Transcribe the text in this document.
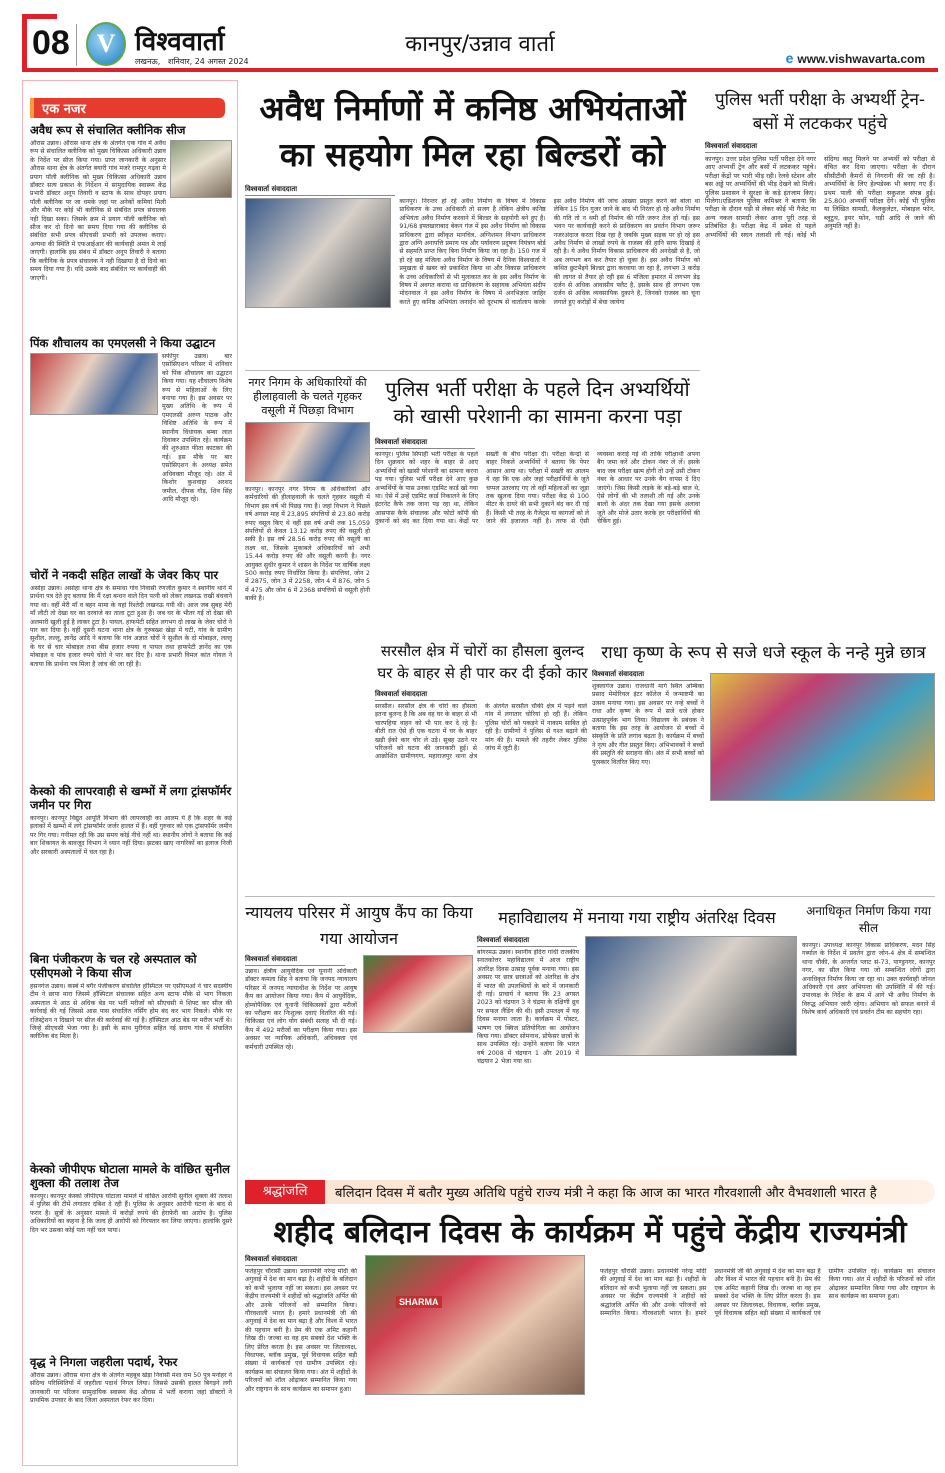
08 V विश्ववार्ता
लखनऊ, शनिवार, 24 अगस्त 2024
कानपुर/उन्नाव वार्ता
e www.vishwavarta.com
एक नजर
अवैध रूप से संचालित क्लीनिक सीज
औरास उन्नाव। औरास थाना क्षेत्र के अंतर्गत एक गांव में अवैध रूप से संचालित क्लीनिक को मुख्य चिकित्सा अधिकारी उन्नाव के निर्देश पर सीज किया गया। प्राप्त जानकारी के अनुसार औरास थाना क्षेत्र के अंतर्गत बयारी गांव मजरे रामपुर गढ़वा मे प्रयाग पॉली क्लीनिक को मुख्य चिकित्सा अधिकारी उन्नाव डॉक्टर सत्य प्रकाश के निर्देशन मे सामुदायिक स्वास्थ्य केंद्र प्रभारी डॉक्टर अनूप तिवारी व स्टाफ के साथ दोपहर प्रयाग पॉली क्लीनिक पर जा धमके जहां पर अनेकों कमियां मिली और मौके पर कोई भी क्लीनिक से संबंधित प्रपत्र संचालक नही दिखा सका। जिसके क्रम मे प्रयाग पॉली क्लीनिक को सीज कर दो दिनो का समय दिया गया की क्लीनिक से संबंधित सभी प्रपत्र सीएचसी प्रभारी को उपलब्ध कराए। अन्यथा की स्थिति मे एफआईआर की कार्यवाही अमल मे लाई जाएगी। हालांकि इस संबंध में डॉक्टर अनूप तिवारी ने बताया कि क्लीनिक के प्रपत्र संचालक ने नही दिखाया है दो दिनो का समय दिया गया है। यदि उसके बाद संबंधित पर कार्यवाही की जाएगी।
पिंक शौचालय का एमएलसी ने किया उद्घाटन
सफीपुर उन्नाव। बार एसोसिएशन परिसर में शनिवार को पिंक शौचालय का उद्घाटन किया गया। यह शौचालय विशेष रूप से महिलाओं के लिए बनाया गया है। इस अवसर पर मुख्य अतिथि के रूप में एमएलसी अरुण पाठक और विशिष्ट अतिथि के रूप में स्थानीय विधायक बम्बा लाल दिवाकर उपस्थित रहे। कार्यक्रम की शुरुआत फीता काटकर की गई। इस मौके पर बार एसोसिएशन के अध्यक्ष समेत अधिवक्ता मौजूद रहे। अंत में किशोर कुशवाहा अरशद जमील, दीपक गौड़, शिव सिंह आदि मौजूद रहे।
चोरों ने नकदी सहित लाखों के जेवर किए पार
असोहा उन्नाव। असोहा थाना क्षेत्र के समाधा गांव निवासी रणजीत कुमार ने स्थानीय थाने में प्रार्थना पत्र देते हुए बताया कि मैं रक्षा बन्धन वाले दिन पत्नी को लेकर लखनऊ राखी बंधवाने गया था। वहीं मेरी माँ व बहन मामा के यहां रिश्तेदी लखनऊ गयी थी। आज जब सुबह मेरी माँ लौटी तो देखा घर का दरवाजे का ताला टूटा हुआ है। जब घर के भीतर गई तो देखा की अलमारी खुली हुई है लाकर टूटा है। पायल, हाफपेटी सहित लगभग दो लाख के जेवर चोरो ने पार कर दिया है। वहीं दूसरी घटना थाना क्षेत्र के गुरुबख्श खेड़ा में घटी, गांव के ग्रामीण सुशील, लल्लू, ज्ञानेंद्र आदि ने बताया कि गांव अज्ञात चोरों ने सुशील के दो मोबाइल, लल्लू के घर से चार मोबाइल तथा बीस हजार रुपया व पायल तथा हाफपेटी ज्ञानेंद का एक मोबाइल व पांच हजार रुपये चोरो ने पार कर दिए है। थाना प्रभारी विमल कांत गोयल ने बताया कि प्रार्थना पत्र मिला है जांच की जा रही है।
केस्को की लापरवाही से खम्भों में लगा ट्रांसफॉर्मर जमीन पर गिरा
कानपुर। कानपुर विद्युत आपूर्ति विभाग की लापरवाही का आलम ये है कि शहर के कई इलाकों में खम्भों में लगे ट्रांसफॉर्मर जर्जर हालत में हैं। वहीं गुरुवार को एक ट्रांसफॉर्मर जमीन पर गिर गया। गनीमत रही कि उस समय कोई नीचे नहीं था। स्थानीय लोगों ने बताया कि कई बार शिकायत के बावजूद विभाग ने ध्यान नहीं दिया। झटका खाए नागरिकों का इलाज निजी और सरकारी अस्पतालों में चल रहा है।
बिना पंजीकरण के चल रहे अस्पताल को एसीएमओ ने किया सीज
हसनगंज उन्नाव। कस्बे में बगैर पंजीकरण संचालित हॉस्पिटल पर एसीएमओ ने चार सदस्यीय टीम ने छापा मारा जिसमे हॉस्पिटल संचालक सहित अन्य स्टाफ मौके से भाग निकला अस्पताल मे आठ से अधिक बेड पर भर्ती मरीजों को सीएचसी मे शिफ्ट कर सीज की कार्रवाई की गई जिससे आस पास संचालित नर्सिंग होम बंद कर भाग निकले। मौके पर रजिस्ट्रेशन न दिखाने पर सीज की कार्रवाई की गई है। हॉस्पिटल आठ बेड पर मरीज भर्ती थे। जिन्हे सीएचसी भेजा गया है। इसी के साथ मुरीगंज सहित नई सराय गांव में संचालित क्लीनिक बंद मिला है।
केस्को जीपीएफ घोटाला मामले के वांछित सुनील शुक्ला की तलाश तेज
कानपुर। कानपुर केस्को जीपीएफ घोटाला मामले में वांछित आरोपी सुनील शुक्ला की तलाश में पुलिस की टीमें लगातार दबिश दे रही हैं। पुलिस के अनुसार आरोपी घटना के बाद से फरार है। सूत्रों के अनुसार मामले में करोड़ों रुपये की हेराफेरी का आरोप है। पुलिस अधिकारियों का कहना है कि जल्द ही आरोपी को गिरफ्तार कर लिया जाएगा। हालांकि दूसरे दिन भर उसका कोई पता नहीं चल पाया।
वृद्ध ने निगला जहरीला पदार्थ, रेफर
औरास उन्नाव। औरास थाना क्षेत्र के अंतर्गत महबूब खेड़ा निवासी मंशा राम 50 पुत्र मनोहर ने संदिग्ध परिस्थितियों में जहरीला पदार्थ निगल लिया। जिससे उसकी हालत बिगड़ने लगी जानकारी पर परिजन सामुदायिक स्वास्थ्य केंद्र औरास मे भर्ती कराया जहां डॉक्टरों ने प्राथमिक उपचार के बाद जिला अस्पताल रेफर कर दिया।
अवैध निर्माणों में कनिष्ठ अभियंताओं का सहयोग मिल रहा बिल्डरों को
विश्ववार्ता संवाददाता
कानपुर। निरन्तर हो रहे अवैध निर्माण के विषय में विकास प्राधिकरण के उच्च अधिकारी तो सजग है लेकिन क्षेत्रीय कनिष्ठ अभियंता अवैध निर्माण करवाने में बिल्डर के सहयोगी बने हुए है। 91/68 इफ्तखाराबाद बेकन गंज में इस अवैध निर्माण को विकास प्राधिकरण द्वारा स्वीकृत मानचित्र, अग्निशमन विभाग प्राधिकरण द्वारा अग्नि अनापत्ति प्रमाण पत्र और पर्यावरण प्रदूषण नियंत्रण बोर्ड से सहमति प्राप्त किए बिना निर्माण किया जा रहा है। 150 गज में हो रहे छह मंजिला अवैध निर्माण के विषय में दैनिक विश्ववार्ता ने प्रमुखता से खबर को प्रकाशित किया था और विकास प्राधिकरण के उच्च अधिकारियों से भी मुलाकात कर के इस अवैध निर्माण के विषय में अवगत कराया था प्राधिकरण के सहायक अभियंता संदीप मोदनवाल ने इस अवैध निर्माण के विषय में अनभिज्ञता जाहिर करते हुए कनिष्ठ अभियंता जनार्दन को दूरभाष से वार्तालाप करके इस अवैध निर्माण की जांच आख्या प्रस्तुत करने को बोला था लेकिन 15 दिन गुजर जाने के बाद भी निरंतर हो रहे अवैध निर्माण की गति तो न थमी हाँ निर्माण की गति जरूर तेज हो गई। इस भवन पर कार्यवाही करने से प्राधिकरण का प्रवर्तन विभाग जरूर नजरअंदाज करता दिख रहा है जबकि मुख्य सड़क पर हो रहे इस अवैध निर्माण से लाखों रुपये के राजस्व की हानि साफ दिखाई दे रही है। ये अवैध निर्माण विकास प्राधिकरण की अनदेखी से है, जो अब लगभग बन कर तैयार हो चुका है। इस अवैध निर्माण को कथित छुटभैइये बिल्डर द्वारा करवाया जा रहा है, लगभग 3 करोड़ की लागत से तैयार हो रही इस 6 मंजिला इमारत में लगभग डेढ़ दर्जन से अधिक आवासीय फ्लैट है, इसके साथ ही लगभग एक दर्जन से अधिक व्यवसायिक दुकाने है, जिनको राजस्व का चूना लगाते हुए करोड़ों में बेचा जायेगा
पुलिस भर्ती परीक्षा के अभ्यर्थी ट्रेन-बसों में लटककर पहुंचे
विश्ववार्ता संवाददाता
कानपुर। उत्तर प्रदेश पुलिस भर्ती परीक्षा देने नगर आए अभ्यर्थी ट्रेन और बसों में लटककर पहुंचे। परीक्षा केंद्रों पर भारी भीड़ रही। रेलवे स्टेशन और बस अड्डे पर अभ्यर्थियों की भीड़ देखने को मिली। पुलिस प्रशासन ने सुरक्षा के कड़े इंतजाम किए। मिलेगा।एडिशनल पुलिस कमिश्नर ने बताया कि परीक्षा के दौरान घड़ी से लेकर कोई भी गैजेट या अन्य नकल सामग्री लेकर आना पूरी तरह से प्रतिबंधित है। परीक्षा केंद्र में प्रवेश से पहले अभ्यर्थियों की सघन तलाशी ली गई। कोई भी संदिग्ध वस्तु मिलने पर अभ्यर्थी को परीक्षा से वंचित कर दिया जाएगा। परीक्षा के दौरान सीसीटीवी कैमरों से निगरानी की जा रही है। अभ्यर्थियों के लिए हेल्पडेस्क भी बनाए गए हैं। प्रथम पाली की परीक्षा सकुशल संपन्न हुई। 25,800 अभ्यर्थी परीक्षा देंगे। कोई भी पुलिस या लिखित सामग्री, कैलकुलेटर, मोबाइल फोन, ब्लूटूथ, इयर फोन, घड़ी आदि ले जाने की अनुमति नहीं है।
नगर निगम के अधिकारियों की हीलाहवाली के चलते गृहकर वसूली में पिछड़ा विभाग
कानपुर। कानपुर नगर निगम के अधिकारियों और कर्मचारियों की हीलाहवाली के चलते गृहकर वसूली में विभाग इस वर्ष भी पिछड़ गया है। जहां विभाग ने पिछले वर्ष अगस्त माह में 23,895 संपत्तियों से 23.80 करोड़ रुपए वसूल किए थे वहीं इस वर्ष अभी तक 15,059 संपत्तियों से केवल 13.12 करोड़ रुपए की वसूली हो सकी है। इस वर्ष 28.56 करोड़ रुपए की वसूली का लक्ष्य था, जिसके मुकाबले अधिकारियों को अभी 15.44 करोड़ रुपए की और वसूली करनी है। नगर आयुक्त सुधीर कुमार ने शासन के निर्देश पर वार्षिक लक्ष्य 500 करोड़ रुपए निर्धारित किया है। संपत्तियां, जोन 2 में 2875, जोन 3 में 2258, जोन 4 में 876, जोन 5 में 475 और जोन 6 में 2368 संपत्तियों से वसूली होनी बाकी है।
पुलिस भर्ती परीक्षा के पहले दिन अभ्यर्थियों को खासी परेशानी का सामना करना पड़ा
विश्ववार्ता संवाददाता
कानपुर। पुलिस सिपाही भर्ती परीक्षा के पहले दिन शुक्रवार को शहर के बाहर से आए अभ्यर्थियों को खासी परेशानी का सामना करना पड़ गया। पुलिस भर्ती परीक्षा देने आए कुछ अभ्यर्थियों के पास उनका एडमिट कार्ड खो गया था। ऐसे में उन्हें एडमिट कार्ड निकालने के लिए इंटरनेट कैफे तक जाना पड़ रहा था, लेकिन आसपास कैफे संचालक और फोटो कॉपी की दुकानों को बंद कर दिया गया था। केंद्रों पर सख्ती के बीच परीक्षा दी। परीक्षा केन्द्रों से बाहर निकले अभ्यर्थियों ने बताया कि पेपर आसान आया था। परीक्षा में सख्ती का आलम ये रहा कि एक ओर जहां परीक्षार्थियों के जूते चप्पल उतरवाए गए तो वहीं महिलाओं का जूड़ा तक खुलवा दिया गया। परीक्षा केंद्र से 100 मीटर के दायरे की सभी दुकानें बंद कर दी गई हैं। किसी भी तरह के गैजेट्स या कागजों को ले जाने की इजाजत नहीं है। तरफ से ऐसी व्यवस्था कराई गई थी ताकि परीक्षार्थी अपना बैग जमा करें और टोकन नंबर ले लें। इसके बाद जब परीक्षा खत्म होगी तो उन्हें उसी टोकन नंबर के आधार पर उनके बैग वापस दे दिए जाएंगे। जिस किसी लड़के के बड़े-बड़े बाल थे, ऐसे लोगों की भी तलाशी ली गई और उनके बालों के अंदर तक देखा गया इसके अलावा जूते और मोजे उतार करके हर परीक्षार्थियों की चेकिंग हुई।
सरसौल क्षेत्र में चोरों का हौसला बुलन्द घर के बाहर से ही पार कर दी ईको कार
विश्ववार्ता संवाददाता
सरसौल। सरसौल क्षेत्र के चोरों का हौसला इतना बुलन्द है कि अब वह घर के बाहर से भी चारपहिया वाहन को भी पार कर दे रहे है। बीती रात ऐसे ही एक घटना में घर के बाहर खड़ी ईको कार चोर ले उड़े। सुबह उठने पर परिजनों को घटना की जानकारी हुई। से आक्रोशित ग्रामीणगण, महाराजपुर थाना क्षेत्र के अंतर्गत सरसौल चौकी क्षेत्र में पड़ने वाले गांव में लगातार चोरियां हो रही हैं। लेकिन पुलिस चोरों को पकड़ने में नाकाम साबित हो रही है। ग्रामीणों ने पुलिस से गश्त बढ़ाने की मांग की है। मामले की तहरीर लेकर पुलिस जांच में जुटी है।
राधा कृष्ण के रूप से सजे धजे स्कूल के नन्हे मुन्ने छात्र
विश्ववार्ता संवाददाता
शुक्लागंज उन्नाव। राजधानी मार्ग स्थित अम्बिका प्रसाद मेमोरियल इंटर कॉलेज में जन्माष्टमी का उत्सव मनाया गया। इस अवसर पर नन्हे बच्चों ने राधा और कृष्ण के रूप में सजे धजे होकर उत्साहपूर्वक भाग लिया। विद्यालय के प्रबंधक ने बताया कि इस तरह के आयोजन से बच्चों में संस्कृति के प्रति लगाव बढ़ता है। कार्यक्रम में बच्चों ने नृत्य और गीत प्रस्तुत किए। अभिभावकों ने बच्चों की प्रस्तुति की सराहना की। अंत में सभी बच्चों को पुरस्कार वितरित किए गए।
न्यायलय परिसर में आयुष कैंप का किया गया आयोजन
विश्ववार्ता संवाददाता
उन्नाव। क्षेत्रीय आयुर्वेदिक एवं यूनानी अधिकारी डॉक्टर कमला सिंह ने बताया कि जनपद न्यायालय परिसर में जनपद न्यायाधीश के निर्देश पर आयुष कैंप का आयोजन किया गया। कैंप में आयुर्वेदिक, होम्योपैथिक एवं यूनानी चिकित्सकों द्वारा मरीजों का परीक्षण कर निःशुल्क दवाएं वितरित की गई। चिकित्सा एवं लोग योग संबंधी सलाह भी दी गई। कैंप में 492 मरीजों का परीक्षण किया गया। इस अवसर पर न्यायिक अधिकारी, अधिवक्ता एवं कर्मचारी उपस्थित रहे।
महाविद्यालय में मनाया गया राष्ट्रीय अंतरिक्ष दिवस
विश्ववार्ता संवाददाता
बांगरमऊ उन्नाव। स्थानीय इंदिरा गांधी राजकीय स्नातकोत्तर महाविद्यालय में आज राष्ट्रीय अंतरिक्ष दिवस उत्साह पूर्वक मनाया गया। इस अवसर पर छात्र छात्राओं को अंतरिक्ष के क्षेत्र में भारत की उपलब्धियों के बारे में जानकारी दी गई। प्राचार्य ने बताया कि 23 अगस्त 2023 को चंद्रयान 3 ने चंद्रमा के दक्षिणी ध्रुव पर सफल लैंडिंग की थी। इसी उपलक्ष्य में यह दिवस मनाया जाता है। कार्यक्रम में पोस्टर, भाषण एवं क्विज प्रतियोगिता का आयोजन किया गया। डॉक्टर सोमनाथ, प्रोफेसर छात्रों के साथ उपस्थित रहे। उन्होंने बताया कि भारत वर्ष 2008 में चंद्रयान 1 और 2019 में चंद्रयान 2 भेजा गया था।
अनाधिकृत निर्माण किया गया सील
कानपुर। उपाध्यक्ष कानपुर विकास प्राधिकरण, मदन सिंह गर्ब्याल के निर्देश में प्रवर्तन द्वारा जोन-4 क्षेत्र में सम्बन्धित थाना चौकी, के अन्तर्गत प्लाट सं-73, पाण्डुनगर, कानपुर नगर, का सील किया गया जो सम्बन्धित लोगों द्वारा अनाधिकृत निर्माण किया जा रहा था। उक्त कार्यवाही जोनल अधिकारी एवं अवर अभियन्ता की उपस्थिति में की गई। उपाध्यक्ष के निर्देश के क्रम में आगे भी अवैध निर्माण के विरुद्ध अभियान जारी रहेगा। अभियान को सफल बनाने में विशेष कार्य अधिकारी एवं प्रवर्तन टीम का सहयोग रहा।
श्रद्धांजलि	बलिदान दिवस में बतौर मुख्य अतिथि पहुंचे राज्य मंत्री ने कहा कि आज का भारत गौरवशाली और वैभवशाली भारत है
शहीद बलिदान दिवस के कार्यक्रम में पहुंचे केंद्रीय राज्यमंत्री
विश्ववार्ता संवाददाता
SHARMA
फतेहपुर चौरासी उन्नाव। प्रधानमंत्री नरेन्द्र मोदी की अगुवाई में देश का मान बढ़ा है। शहीदों के बलिदान को कभी भुलाया नहीं जा सकता। इस अवसर पर केंद्रीय राज्यमंत्री ने शहीदों को श्रद्धांजलि अर्पित की और उनके परिजनों को सम्मानित किया। गौरवशाली भारत है। हमारे प्रधानमंत्री जी की अगुवाई में देश का मान बढ़ा है और विश्व में भारत की पहचान बनी है। प्रेम की एक अमिट कहानी लिख दी। जज्बा था वह हम सबको देश भक्ति के लिए प्रेरित करता है। इस अवसर पर जिलाध्यक्ष, विधायक, ब्लॉक प्रमुख, पूर्व विधायक सहित बड़ी संख्या में कार्यकर्ता एवं ग्रामीण उपस्थित रहे। कार्यक्रम का संचालन किया गया। अंत में शहीदों के परिजनों को शॉल ओढ़ाकर सम्मानित किया गया और राष्ट्रगान के साथ कार्यक्रम का समापन हुआ।
फतेहपुर चौरासी उन्नाव। प्रधानमंत्री नरेन्द्र मोदी की अगुवाई में देश का मान बढ़ा है। शहीदों के बलिदान को कभी भुलाया नहीं जा सकता। इस अवसर पर केंद्रीय राज्यमंत्री ने शहीदों को श्रद्धांजलि अर्पित की और उनके परिजनों को सम्मानित किया। गौरवशाली भारत है। हमारे प्रधानमंत्री जी की अगुवाई में देश का मान बढ़ा है और विश्व में भारत की पहचान बनी है। प्रेम की एक अमिट कहानी लिख दी। जज्बा था वह हम सबको देश भक्ति के लिए प्रेरित करता है। इस अवसर पर जिलाध्यक्ष, विधायक, ब्लॉक प्रमुख, पूर्व विधायक सहित बड़ी संख्या में कार्यकर्ता एवं ग्रामीण उपस्थित रहे। कार्यक्रम का संचालन किया गया। अंत में शहीदों के परिजनों को शॉल ओढ़ाकर सम्मानित किया गया और राष्ट्रगान के साथ कार्यक्रम का समापन हुआ।
